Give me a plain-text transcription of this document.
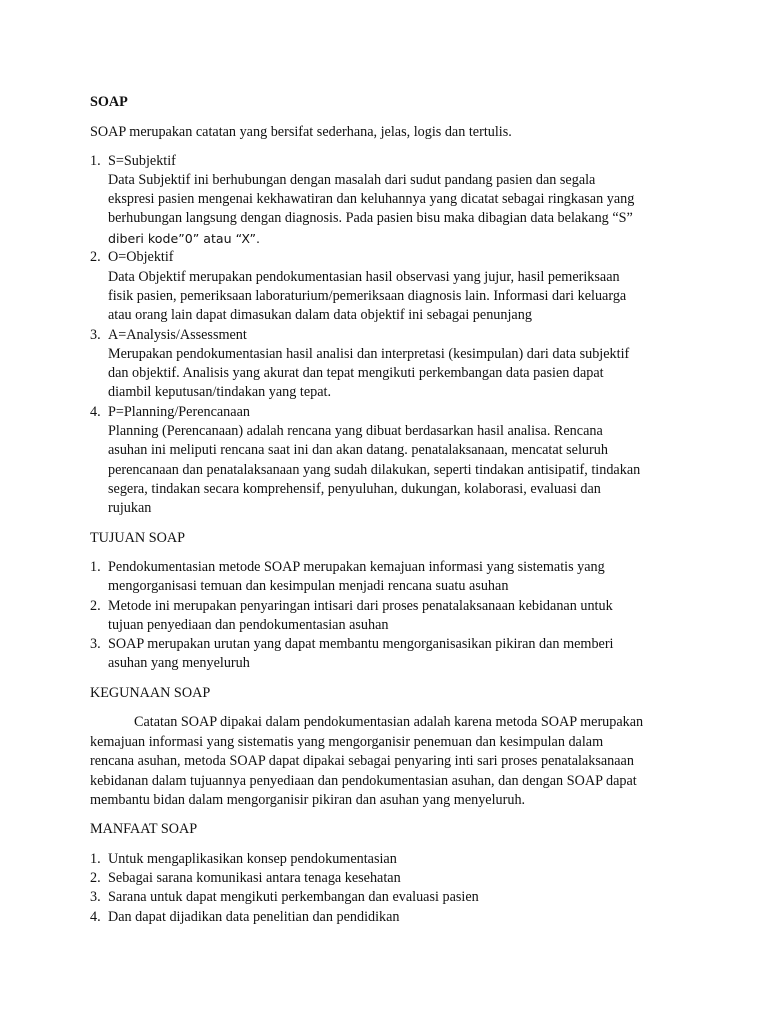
SOAP
SOAP merupakan catatan yang bersifat sederhana, jelas, logis dan tertulis.
1. S=Subjektif
Data Subjektif ini berhubungan dengan masalah dari sudut pandang pasien dan segala
ekspresi pasien mengenai kekhawatiran dan keluhannya yang dicatat sebagai ringkasan yang
berhubungan langsung dengan diagnosis. Pada pasien bisu maka dibagian data belakang “S”
diberi kode”0” atau “X”.
2. O=Objektif
Data Objektif merupakan pendokumentasian hasil observasi yang jujur, hasil pemeriksaan
fisik pasien, pemeriksaan laboraturium/pemeriksaan diagnosis lain. Informasi dari keluarga
atau orang lain dapat dimasukan dalam data objektif ini sebagai penunjang
3. A=Analysis/Assessment
Merupakan pendokumentasian hasil analisi dan interpretasi (kesimpulan) dari data subjektif
dan objektif. Analisis yang akurat dan tepat mengikuti perkembangan data pasien dapat
diambil keputusan/tindakan yang tepat.
4. P=Planning/Perencanaan
Planning (Perencanaan) adalah rencana yang dibuat berdasarkan hasil analisa. Rencana
asuhan ini meliputi rencana saat ini dan akan datang. penatalaksanaan, mencatat seluruh
perencanaan dan penatalaksanaan yang sudah dilakukan, seperti tindakan antisipatif, tindakan
segera, tindakan secara komprehensif, penyuluhan, dukungan, kolaborasi, evaluasi dan
rujukan
TUJUAN SOAP
1. Pendokumentasian metode SOAP merupakan kemajuan informasi yang sistematis yang
mengorganisasi temuan dan kesimpulan menjadi rencana suatu asuhan
2. Metode ini merupakan penyaringan intisari dari proses penatalaksanaan kebidanan untuk
tujuan penyediaan dan pendokumentasian asuhan
3. SOAP merupakan urutan yang dapat membantu mengorganisasikan pikiran dan memberi
asuhan yang menyeluruh
KEGUNAAN SOAP
Catatan SOAP dipakai dalam pendokumentasian adalah karena metoda SOAP merupakan
kemajuan informasi yang sistematis yang mengorganisir penemuan dan kesimpulan dalam
rencana asuhan, metoda SOAP dapat dipakai sebagai penyaring inti sari proses penatalaksanaan
kebidanan dalam tujuannya penyediaan dan pendokumentasian asuhan, dan dengan SOAP dapat
membantu bidan dalam mengorganisir pikiran dan asuhan yang menyeluruh.
MANFAAT SOAP
1. Untuk mengaplikasikan konsep pendokumentasian
2. Sebagai sarana komunikasi antara tenaga kesehatan
3. Sarana untuk dapat mengikuti perkembangan dan evaluasi pasien
4. Dan dapat dijadikan data penelitian dan pendidikan
